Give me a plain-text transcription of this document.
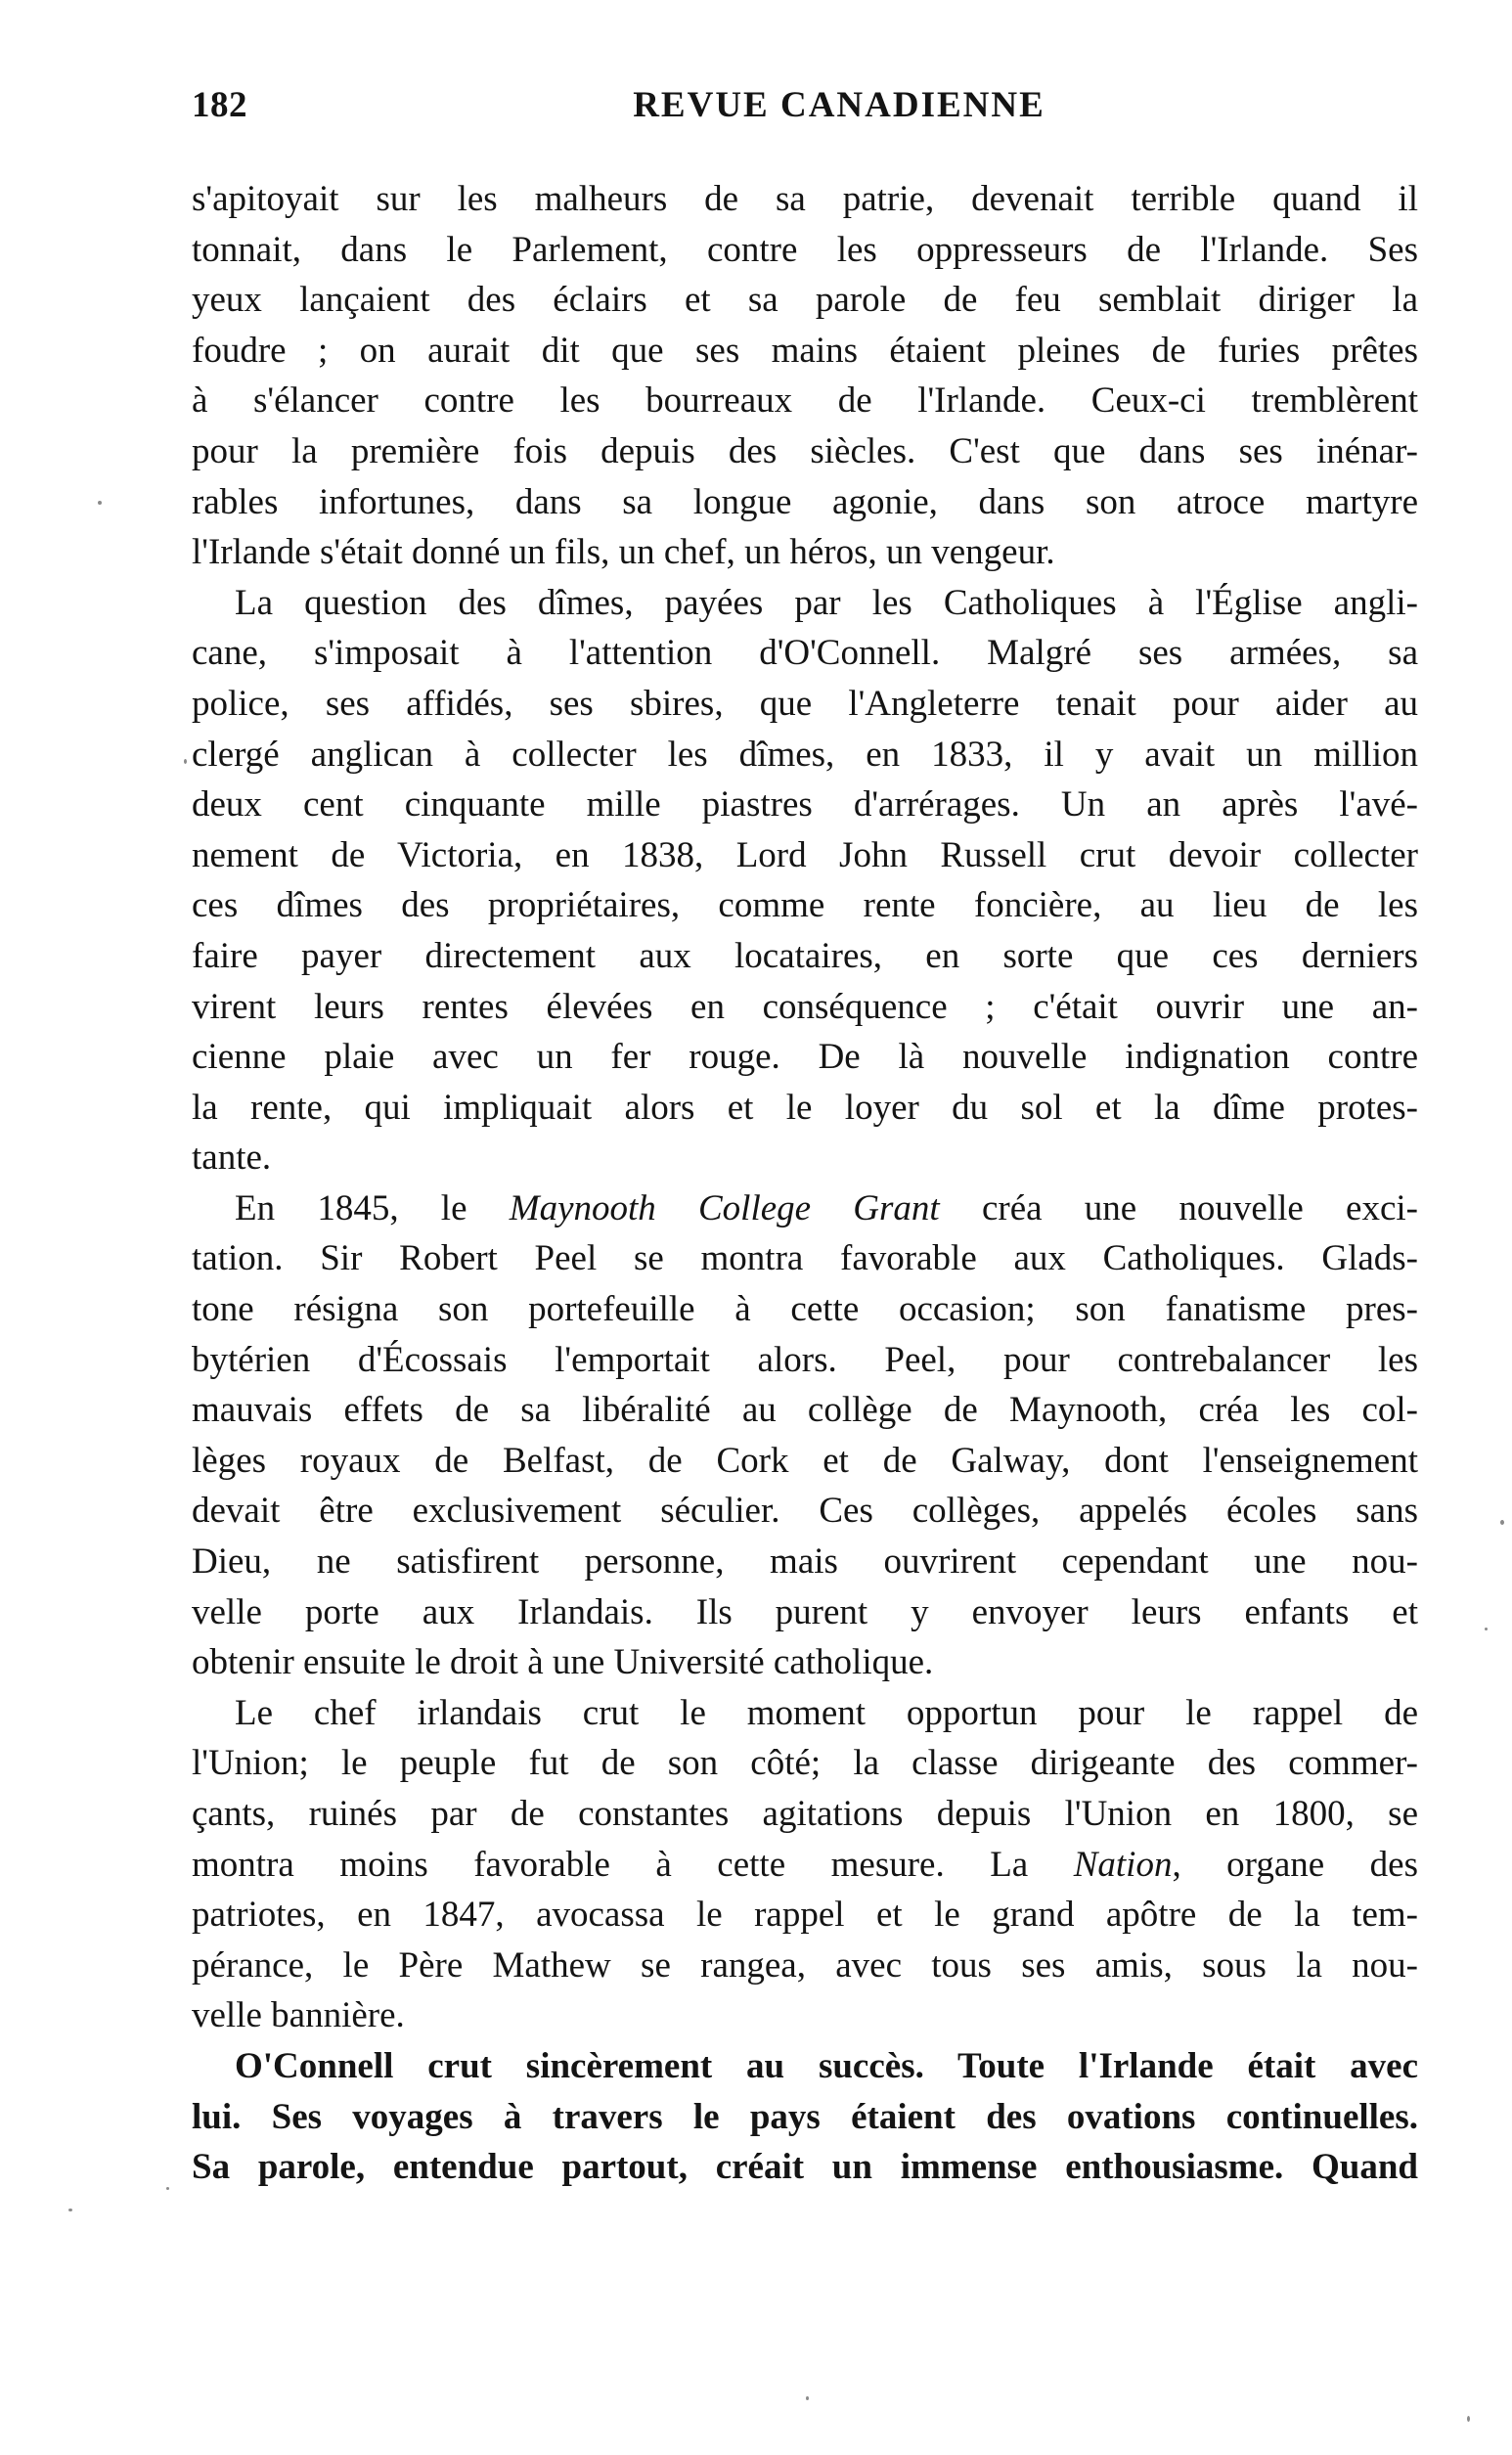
182	REVUE CANADIENNE
s'apitoyait sur les malheurs de sa patrie, devenait terrible quand il
tonnait, dans le Parlement, contre les oppresseurs de l'Irlande. Ses
yeux lançaient des éclairs et sa parole de feu semblait diriger la
foudre ; on aurait dit que ses mains étaient pleines de furies prêtes
à s'élancer contre les bourreaux de l'Irlande. Ceux-ci tremblèrent
pour la première fois depuis des siècles. C'est que dans ses inénar-
rables infortunes, dans sa longue agonie, dans son atroce martyre
l'Irlande s'était donné un fils, un chef, un héros, un vengeur.
La question des dîmes, payées par les Catholiques à l'Église angli-
cane, s'imposait à l'attention d'O'Connell. Malgré ses armées, sa
police, ses affidés, ses sbires, que l'Angleterre tenait pour aider au
clergé anglican à collecter les dîmes, en 1833, il y avait un million
deux cent cinquante mille piastres d'arrérages. Un an après l'avé-
nement de Victoria, en 1838, Lord John Russell crut devoir collecter
ces dîmes des propriétaires, comme rente foncière, au lieu de les
faire payer directement aux locataires, en sorte que ces derniers
virent leurs rentes élevées en conséquence ; c'était ouvrir une an-
cienne plaie avec un fer rouge. De là nouvelle indignation contre
la rente, qui impliquait alors et le loyer du sol et la dîme protes-
tante.
En 1845, le Maynooth College Grant créa une nouvelle exci-
tation. Sir Robert Peel se montra favorable aux Catholiques. Glads-
tone résigna son portefeuille à cette occasion; son fanatisme pres-
bytérien d'Écossais l'emportait alors. Peel, pour contrebalancer les
mauvais effets de sa libéralité au collège de Maynooth, créa les col-
lèges royaux de Belfast, de Cork et de Galway, dont l'enseignement
devait être exclusivement séculier. Ces collèges, appelés écoles sans
Dieu, ne satisfirent personne, mais ouvrirent cependant une nou-
velle porte aux Irlandais. Ils purent y envoyer leurs enfants et
obtenir ensuite le droit à une Université catholique.
Le chef irlandais crut le moment opportun pour le rappel de
l'Union; le peuple fut de son côté; la classe dirigeante des commer-
çants, ruinés par de constantes agitations depuis l'Union en 1800, se
montra moins favorable à cette mesure. La Nation, organe des
patriotes, en 1847, avocassa le rappel et le grand apôtre de la tem-
pérance, le Père Mathew se rangea, avec tous ses amis, sous la nou-
velle bannière.
O'Connell crut sincèrement au succès. Toute l'Irlande était avec
lui. Ses voyages à travers le pays étaient des ovations continuelles.
Sa parole, entendue partout, créait un immense enthousiasme. Quand
